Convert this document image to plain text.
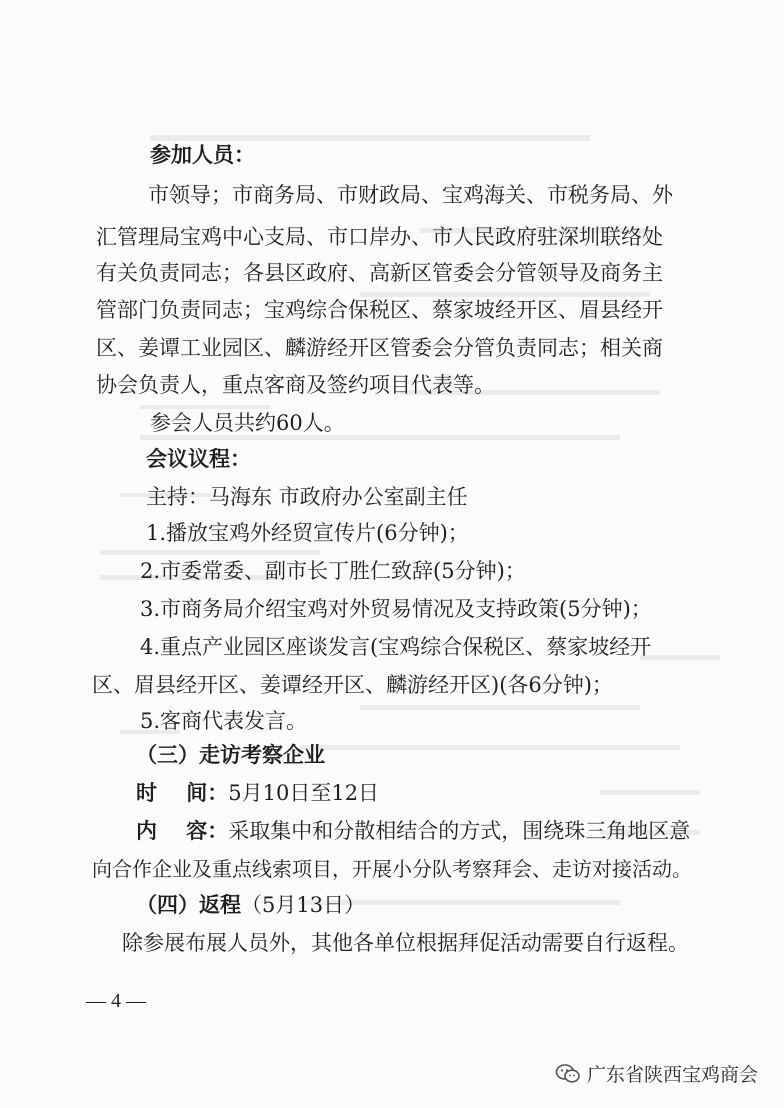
参加人员：
市领导；市商务局、市财政局、宝鸡海关、市税务局、外
汇管理局宝鸡中心支局、市口岸办、市人民政府驻深圳联络处
有关负责同志；各县区政府、高新区管委会分管领导及商务主
管部门负责同志；宝鸡综合保税区、蔡家坡经开区、眉县经开
区、姜谭工业园区、麟游经开区管委会分管负责同志；相关商
协会负责人，重点客商及签约项目代表等。
参会人员共约60人。
会议议程：
主持：马海东 市政府办公室副主任
1.播放宝鸡外经贸宣传片(6分钟)；
2.市委常委、副市长丁胜仁致辞(5分钟)；
3.市商务局介绍宝鸡对外贸易情况及支持政策(5分钟)；
4.重点产业园区座谈发言(宝鸡综合保税区、蔡家坡经开
区、眉县经开区、姜谭经开区、麟游经开区)(各6分钟)；
5.客商代表发言。
（三）走访考察企业
时    间：5月10日至12日
内    容：采取集中和分散相结合的方式，围绕珠三角地区意
向合作企业及重点线索项目，开展小分队考察拜会、走访对接活动。
（四）返程（5月13日）
除参展布展人员外，其他各单位根据拜促活动需要自行返程。
— 4 —
广东省陕西宝鸡商会
